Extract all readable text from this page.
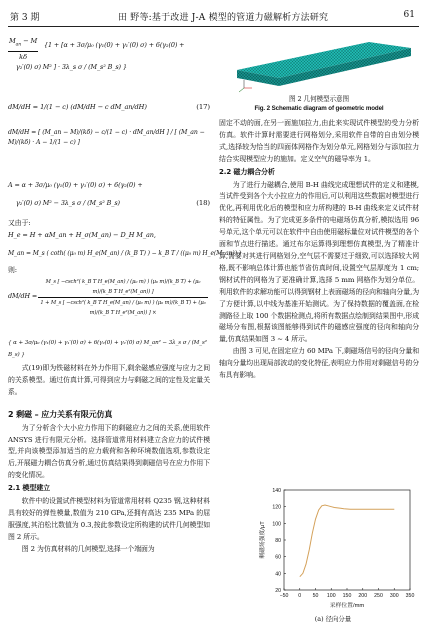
第 3 期	田 野等:基于改进 J-A 模型的管道力磁解析方法研究	61
$M_{an} - M$
kδ
{1 + [α + 3σ/μ₀ (γ₁(0) + γ₁′(0) σ) + 6(γ₂(0) +
γ₂′(0) σ) M² ] · 3λ_s σ / (M_s² B_s) }
dM/dH = 1/(1 − c) (dM/dH − c dM_an/dH)	(17)
dM/dH = [ (M_an − M)/(kδ) − c/(1 − c) · dM_an/dH ] / [ (M_an − M)/(kδ) · A − 1/(1 − c) ]
A = α + 3σ/μ₀ (γ₁(0) + γ₁′(0) σ) + 6(γ₂(0) +
γ₂′(0) σ) M² − 3λ_s σ / (M_s² B_s)	(18)
又由于:
H_e = H + αM_an + H_σ(M_an) − D_H M_an,
M_an = M_s ( coth( (μ₀ m) H_e(M_an) / (k_B T) ) − k_B T / ((μ₀ m) H_e(M_an)) )
则:
dM/dH =
M_s [ −csch²( k_B T H_e(M_an) / (μ₀ m) ) (μ₀ m)/(k_B T) + (μ₀ m)/(k_B T H_e²(M_an)) ]
1 + M_s [ −csch²( k_B T H_e(M_an) / (μ₀ m) ) (μ₀ m)/(k_B T) + (μ₀ m)/(k_B T H_e²(M_an)) ] ×
{ α + 3σ/μ₀ (γ₁(0) + γ₁′(0) σ) + 6(γ₂(0) + γ₂′(0) σ) M_an² − 3λ_s σ / (M_s² B_s) }

式(19)即为铁磁材料在外力作用下,剩余磁感应强度与应力之间的关系模型。通过仿真计算,可得到应力与剩磁之间的定性及定量关系。

2 剩磁 – 应力关系有限元仿真

为了分析含个大小应力作用下的剩磁应力之间的关系,使用软件 ANSYS 进行有限元分析。选择管道常用材料建立含应力的试件模型,并向该模型添加适当的应力载荷和各种环境数值选项,参数设定后,开展磁力耦合仿真分析,通过仿真结果得到剩磁信号在应力作用下的变化情况。

2.1 模型建立

软件中的设置试件模型材料为管道常用材料 Q235 钢,这种材料具有较好的弹性模量,数值为 210 GPa,还拥有高达 235 MPa 的屈服强度,其泊松比数值为 0.3,按此参数设定所构建的试件几何模型如图 2 所示。

图 2 为仿真材料的几何模型,选择一个端面为

图 2 几何模型示意图
Fig. 2 Schematic diagram of geometric model

固定不动的面,在另一面施加拉力,由此来实现试件模型的受力分析仿真。软件计算时需要进行网格划分,采用软件自带的自由划分模式,选择较为恰当的四面体网格作为划分单元,网格划分与添加拉力结合实现模型应力的施加。定义空气的磁导率为 1。

2.2 磁力耦合分析

为了进行力磁耦合,使用 B-H 曲线完成理想试件的定义和建模,当试件受到各个大小拉应力的作用后,可以利用这些数据对模型进行优化,再利用优化后的模型和应力所构建的 B-H 曲线来定义试件材料的特征属性。为了完成更多条件的电磁场仿真分析,模拟选用 96 号单元,这个单元可以在软件中自由使用磁标量位对试件模型的各个面和节点进行描述。通过布尔运算得到理想仿真模型,为了精准计算,需要对其进行网格划分,空气层不需要过于细致,可以选择较大网格,既不影响总体计算也能节省仿真时间,设置空气层厚度为 1 cm;钢材试件的网格为了更准确计算,选择 5 mm 网格作为划分单位。利用软件的求解功能可以得到钢材上表面磁场的径向和轴向分量,为了方便计算,以中线为基准开始测试。为了保持数据的覆盖面,在检测路径上取 100 个数据检测点,将所有数据点绘制到结果图中,形成磁场分布图,根据该图能够得到试件的磁感应强度的径向和轴向分量,仿真结果如图 3 ~ 4 所示。

由图 3 可见,在固定应力 60 MPa 下,剩磁场信号的径向分量和轴向分量均出现局部波动的变化特征,表明应力作用对剩磁信号的分布具有影响。

−50 0 50 100 150 200 250 300 350
140
120
100
80
60
40
20
采样位置/mm
剩磁场强度/μT
(a) 径向分量
